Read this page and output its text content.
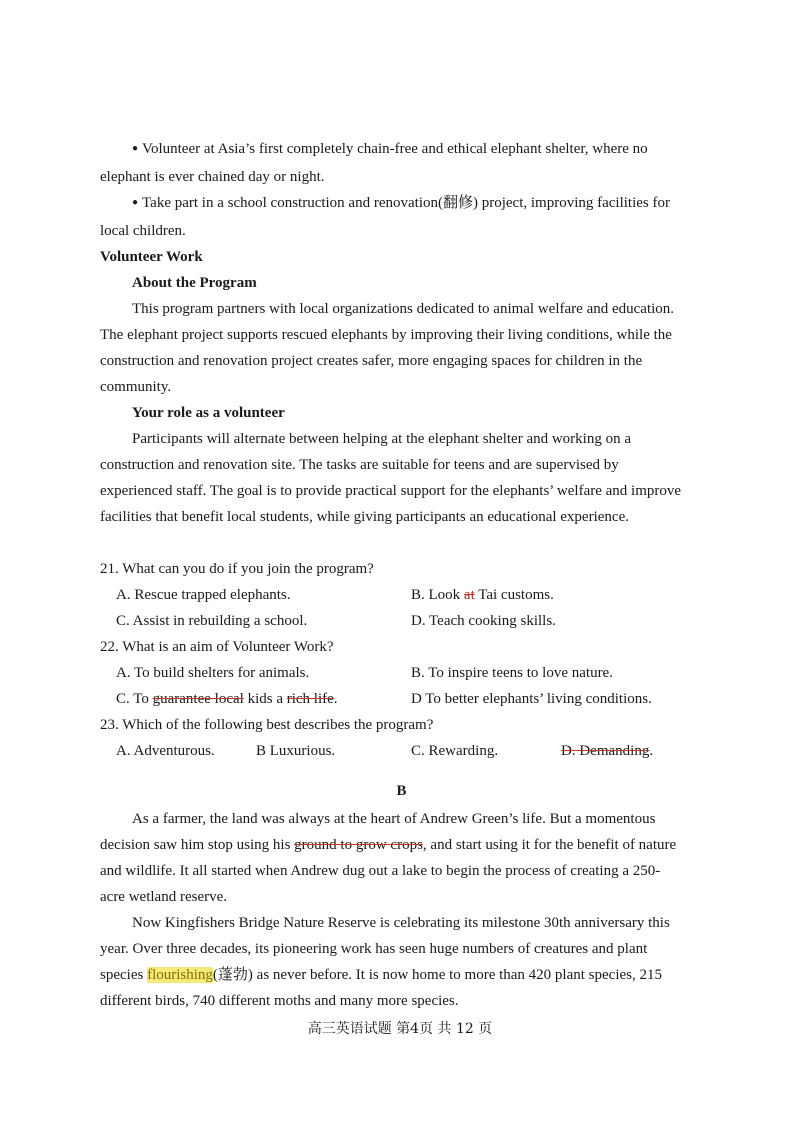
● Volunteer at Asia’s first completely chain-free and ethical elephant shelter, where no
elephant is ever chained day or night.
● Take part in a school construction and renovation(翻修) project, improving facilities for
local children.
Volunteer Work
About the Program
This program partners with local organizations dedicated to animal welfare and education.
The elephant project supports rescued elephants by improving their living conditions, while the
construction and renovation project creates safer, more engaging spaces for children in the
community.
Your role as a volunteer
Participants will alternate between helping at the elephant shelter and working on a
construction and renovation site. The tasks are suitable for teens and are supervised by
experienced staff. The goal is to provide practical support for the elephants’ welfare and improve
facilities that benefit local students, while giving participants an educational experience.
21. What can you do if you join the program?
A. Rescue trapped elephants.	B. Look at Tai customs.
C. Assist in rebuilding a school.	D. Teach cooking skills.
22. What is an aim of Volunteer Work?
A. To build shelters for animals.	B. To inspire teens to love nature.
C. To guarantee local kids a rich life.	D To better elephants’ living conditions.
23. Which of the following best describes the program?
A. Adventurous.	B Luxurious.	C. Rewarding.	D. Demanding.
B
As a farmer, the land was always at the heart of Andrew Green’s life. But a momentous
decision saw him stop using his ground to grow crops, and start using it for the benefit of nature
and wildlife. It all started when Andrew dug out a lake to begin the process of creating a 250-
acre wetland reserve.
Now Kingfishers Bridge Nature Reserve is celebrating its milestone 30th anniversary this
year. Over three decades, its pioneering work has seen huge numbers of creatures and plant
species flourishing(蓬勃) as never before. It is now home to more than 420 plant species, 215
different birds, 740 different moths and many more species.
高三英语试题 第4页 共 12 页
